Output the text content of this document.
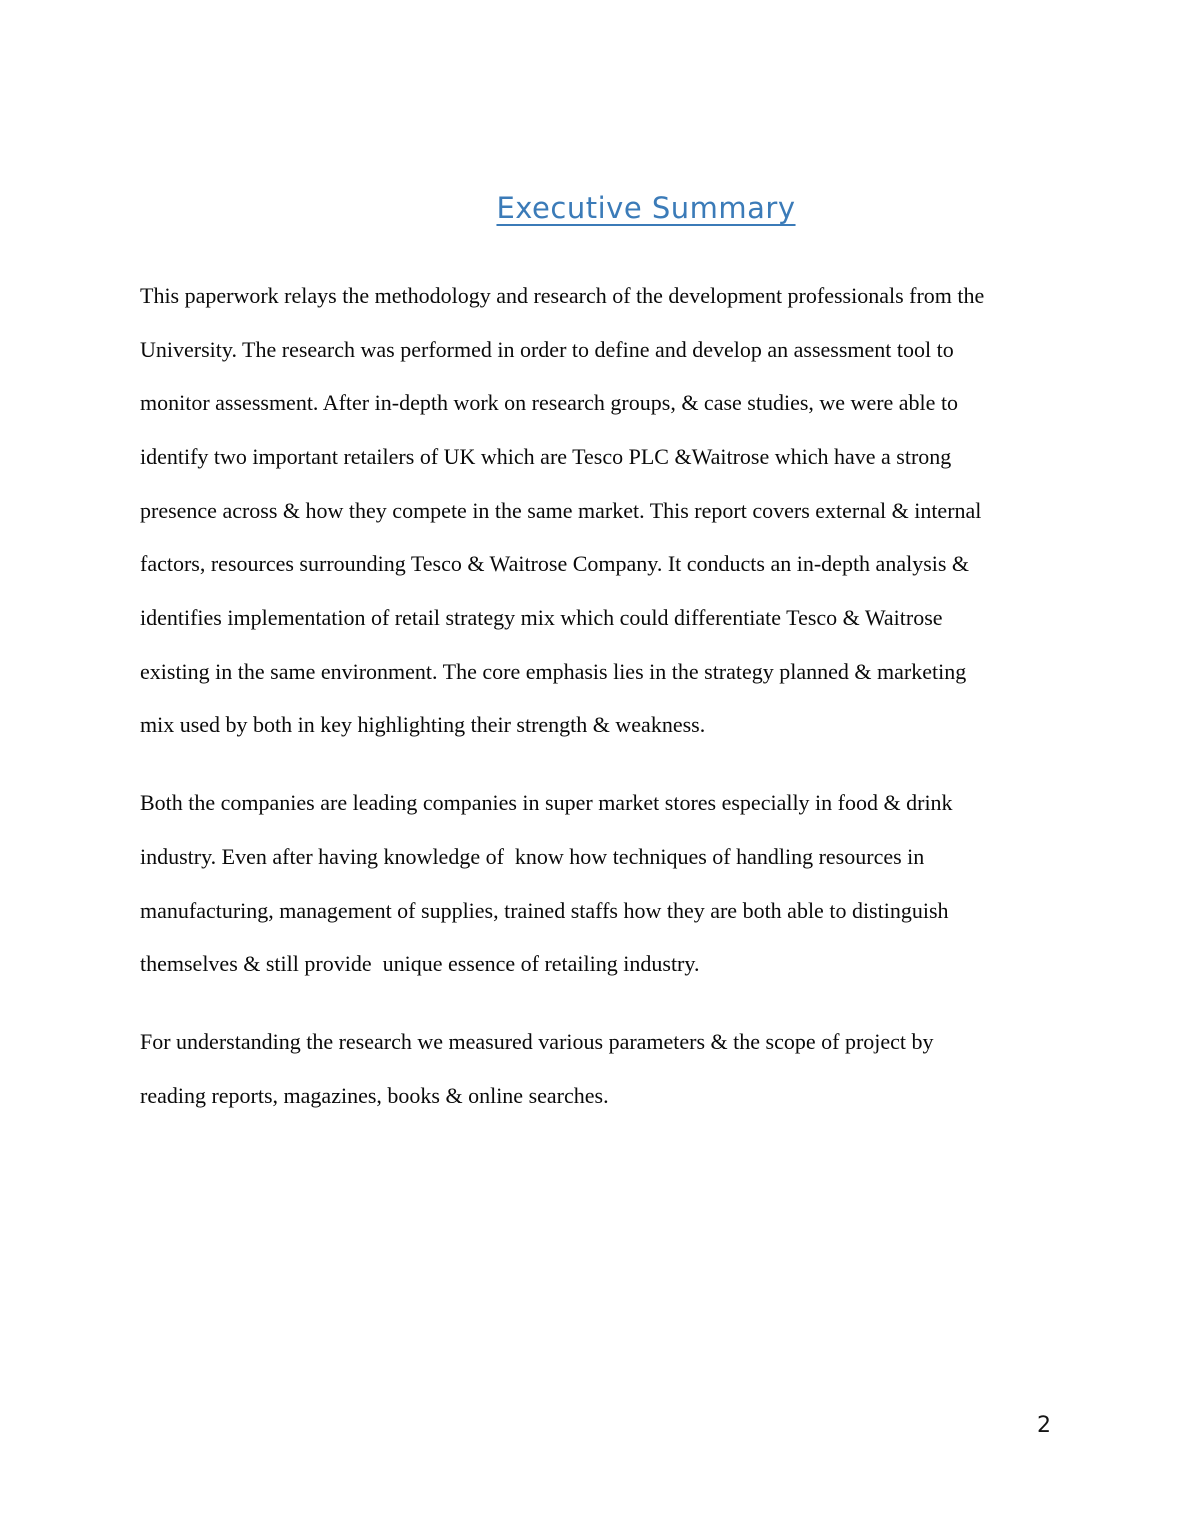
Executive Summary
This paperwork relays the methodology and research of the development professionals from the
University. The research was performed in order to define and develop an assessment tool to
monitor assessment. After in-depth work on research groups, & case studies, we were able to
identify two important retailers of UK which are Tesco PLC &Waitrose which have a strong
presence across & how they compete in the same market. This report covers external & internal
factors, resources surrounding Tesco & Waitrose Company. It conducts an in-depth analysis &
identifies implementation of retail strategy mix which could differentiate Tesco & Waitrose
existing in the same environment. The core emphasis lies in the strategy planned & marketing
mix used by both in key highlighting their strength & weakness.
Both the companies are leading companies in super market stores especially in food & drink
industry. Even after having knowledge of  know how techniques of handling resources in
manufacturing, management of supplies, trained staffs how they are both able to distinguish
themselves & still provide  unique essence of retailing industry.
For understanding the research we measured various parameters & the scope of project by
reading reports, magazines, books & online searches.
2
